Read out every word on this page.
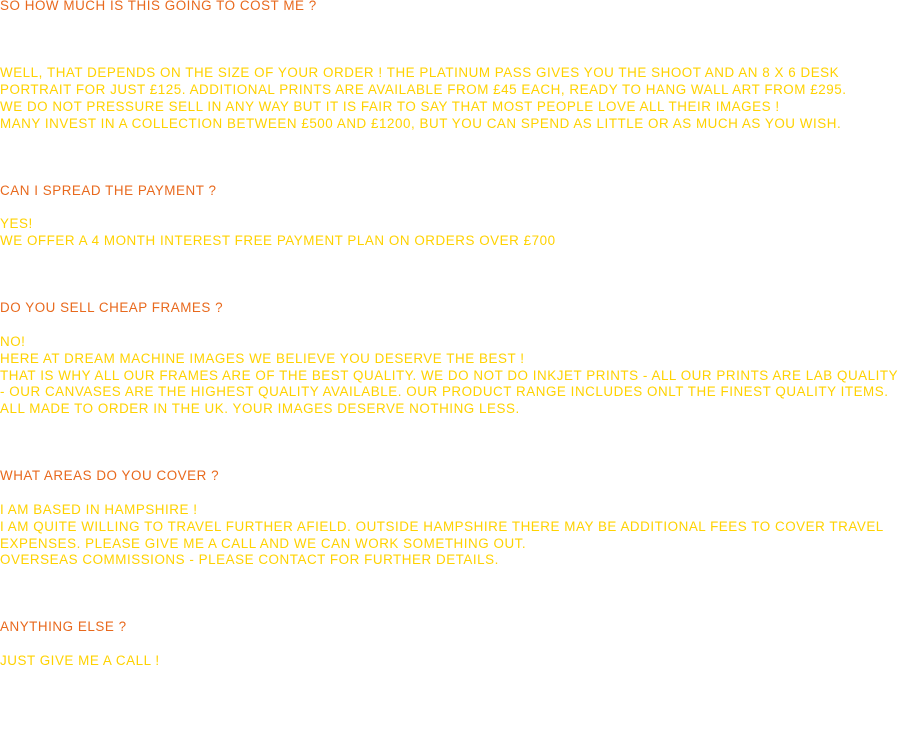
SO HOW MUCH IS THIS GOING TO COST ME ?

WELL, THAT DEPENDS ON THE SIZE OF YOUR ORDER ! THE PLATINUM PASS GIVES YOU THE SHOOT AND AN 8 X 6 DESK PORTRAIT FOR JUST £125. ADDITIONAL PRINTS ARE AVAILABLE FROM £45 EACH, READY TO HANG WALL ART FROM £295.

WE DO NOT PRESSURE SELL IN ANY WAY BUT IT IS FAIR TO SAY THAT MOST PEOPLE LOVE ALL THEIR IMAGES !

MANY INVEST IN A COLLECTION BETWEEN £500 AND £1200, BUT YOU CAN SPEND AS LITTLE OR AS MUCH AS YOU WISH.

CAN I SPREAD THE PAYMENT ?

YES!

WE OFFER A 4 MONTH INTEREST FREE PAYMENT PLAN ON ORDERS OVER £700

DO YOU SELL CHEAP FRAMES ?

NO!

HERE AT DREAM MACHINE IMAGES WE BELIEVE YOU DESERVE THE BEST !

THAT IS WHY ALL OUR FRAMES ARE OF THE BEST QUALITY. WE DO NOT DO INKJET PRINTS - ALL OUR PRINTS ARE LAB QUALITY - OUR CANVASES ARE THE HIGHEST QUALITY AVAILABLE. OUR PRODUCT RANGE INCLUDES ONLT THE FINEST QUALITY ITEMS. ALL MADE TO ORDER IN THE UK. YOUR IMAGES DESERVE NOTHING LESS.

WHAT AREAS DO YOU COVER ?

I AM BASED IN HAMPSHIRE !

I AM QUITE WILLING TO TRAVEL FURTHER AFIELD. OUTSIDE HAMPSHIRE THERE MAY BE ADDITIONAL FEES TO COVER TRAVEL EXPENSES. PLEASE GIVE ME A CALL AND WE CAN WORK SOMETHING OUT.

OVERSEAS COMMISSIONS - PLEASE CONTACT FOR FURTHER DETAILS.

ANYTHING ELSE ?

JUST GIVE ME A CALL !
